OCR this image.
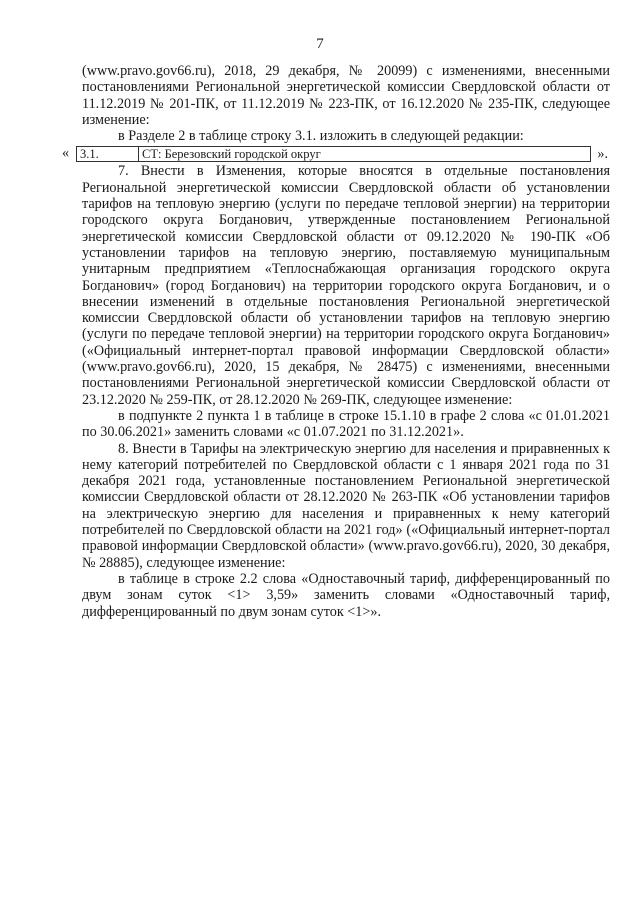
7

(www.pravo.gov66.ru), 2018, 29 декабря, № 20099) с изменениями, внесенными постановлениями Региональной энергетической комиссии Свердловской области от 11.12.2019 № 201-ПК, от 11.12.2019 № 223-ПК, от 16.12.2020 № 235-ПК, следующее изменение:

в Разделе 2 в таблице строку 3.1. изложить в следующей редакции:

« 3.1.	СТ: Березовский городской округ	».

7. Внести в Изменения, которые вносятся в отдельные постановления Региональной энергетической комиссии Свердловской области об установлении тарифов на тепловую энергию (услуги по передаче тепловой энергии) на территории городского округа Богданович, утвержденные постановлением Региональной энергетической комиссии Свердловской области от 09.12.2020 № 190-ПК «Об установлении тарифов на тепловую энергию, поставляемую муниципальным унитарным предприятием «Теплоснабжающая организация городского округа Богданович» (город Богданович) на территории городского округа Богданович, и о внесении изменений в отдельные постановления Региональной энергетической комиссии Свердловской области об установлении тарифов на тепловую энергию (услуги по передаче тепловой энергии) на территории городского округа Богданович» («Официальный интернет-портал правовой информации Свердловской области» (www.pravo.gov66.ru), 2020, 15 декабря, № 28475) с изменениями, внесенными постановлениями Региональной энергетической комиссии Свердловской области от 23.12.2020 № 259-ПК, от 28.12.2020 № 269-ПК, следующее изменение:

в подпункте 2 пункта 1 в таблице в строке 15.1.10 в графе 2 слова «с 01.01.2021 по 30.06.2021» заменить словами «с 01.07.2021 по 31.12.2021».

8. Внести в Тарифы на электрическую энергию для населения и приравненных к нему категорий потребителей по Свердловской области с 1 января 2021 года по 31 декабря 2021 года, установленные постановлением Региональной энергетической комиссии Свердловской области от 28.12.2020 № 263-ПК «Об установлении тарифов на электрическую энергию для населения и приравненных к нему категорий потребителей по Свердловской области на 2021 год» («Официальный интернет-портал правовой информации Свердловской области» (www.pravo.gov66.ru), 2020, 30 декабря, № 28885), следующее изменение:

в таблице в строке 2.2 слова «Одноставочный тариф, дифференцированный по двум зонам суток <1> 3,59» заменить словами «Одноставочный тариф, дифференцированный по двум зонам суток <1>».
